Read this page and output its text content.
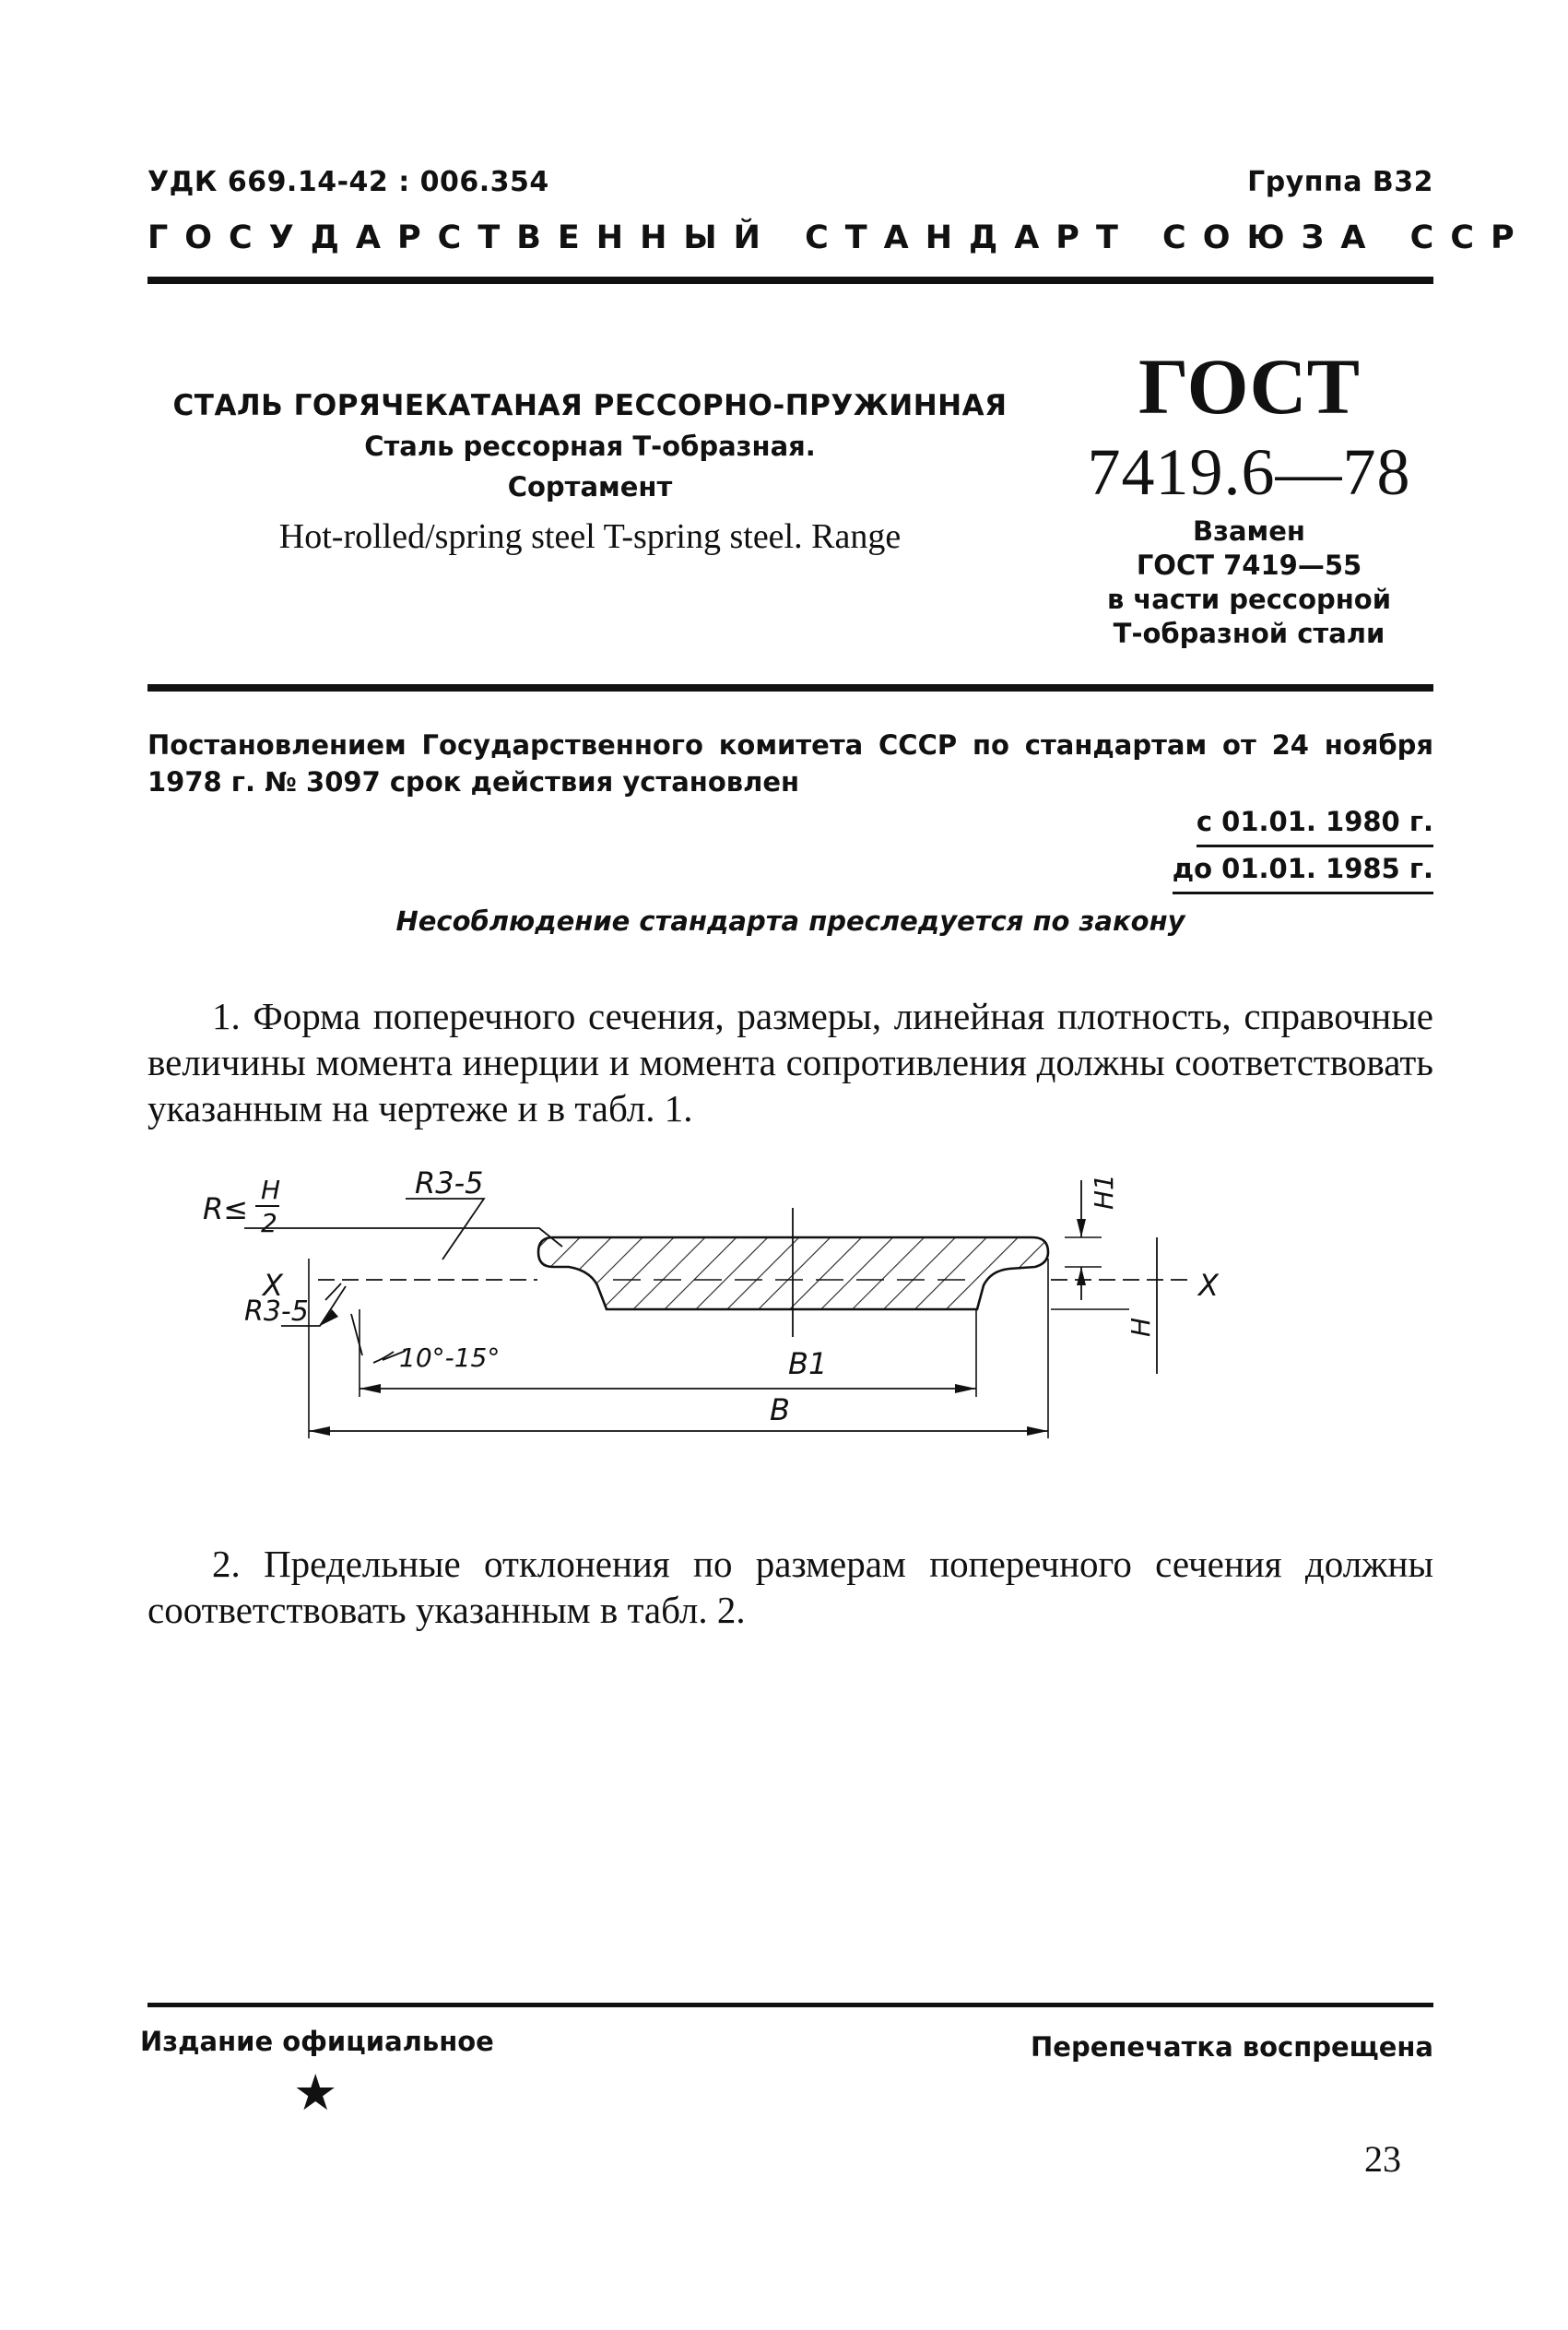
УДК 669.14-42 : 006.354	Группа В32
ГОСУДАРСТВЕННЫЙ СТАНДАРТ СОЮЗА ССР
СТАЛЬ ГОРЯЧЕКАТАНАЯ РЕССОРНО-ПРУЖИННАЯ
Сталь рессорная Т-образная.
Сортамент
Hot-rolled/spring steel T-spring steel. Range
ГОСТ
7419.6—78
Взамен
ГОСТ 7419—55
в части рессорной
Т-образной стали
Постановлением Государственного комитета СССР по стандартам от 24 ноября 1978 г. № 3097 срок действия установлен
с 01.01. 1980 г.
до 01.01. 1985 г.
Несоблюдение стандарта преследуется по закону
1. Форма поперечного сечения, размеры, линейная плотность, справочные величины момента инерции и момента сопротивления должны соответствовать указанным на чертеже и в табл. 1.
R≤
H
2
R3-5
R3-5
X	X
10°-15°	B1
B
H1
H
2. Предельные отклонения по размерам поперечного сечения должны соответствовать указанным в табл. 2.
Издание официальное	Перепечатка воспрещена
★
23
